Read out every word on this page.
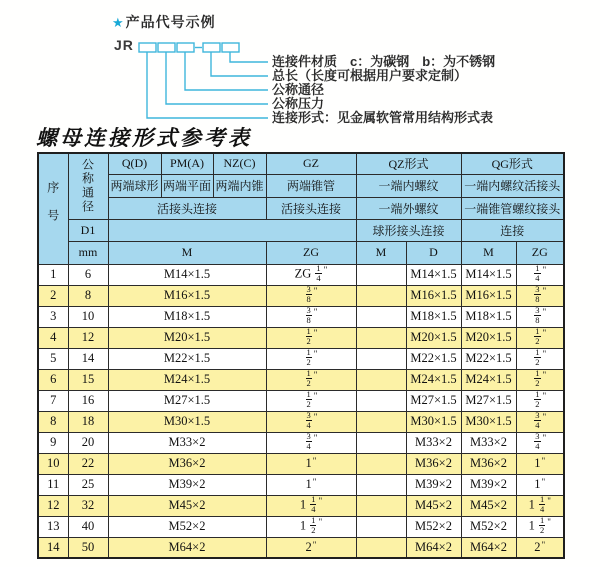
★产品代号示例
JR
连接件材质　c：为碳钢　b：为不锈钢
总长（长度可根据用户要求定制）
公称通径
公称压力
连接形式：见金属软管常用结构形式表
螺母连接形式参考表
序号	公称通径	Q(D)	PM(A)	NZ(C)	GZ	QZ形式		QG形式	
		两端球形	两端平面	两端内锥	两端锥管	一端内螺纹		一端内螺纹活接头	
		活接头连接			活接头连接	一端外螺纹		一端锥管螺纹接头	
	D1					球形接头连接		连接	
	mm	M			ZG	M	D	M	ZG
1	6	M14×1.5			ZG $\frac{1}{4} ^"$		M14×1.5	M14×1.5	$\frac{1}{4} ^"$
2	8	M16×1.5			$\frac{3}{8} ^"$		M16×1.5	M16×1.5	$\frac{3}{8} ^"$
3	10	M18×1.5			$\frac{3}{8} ^"$		M18×1.5	M18×1.5	$\frac{3}{8} ^"$
4	12	M20×1.5			$\frac{1}{2} ^"$		M20×1.5	M20×1.5	$\frac{1}{2} ^"$
5	14	M22×1.5			$\frac{1}{2} ^"$		M22×1.5	M22×1.5	$\frac{1}{2} ^"$
6	15	M24×1.5			$\frac{1}{2} ^"$		M24×1.5	M24×1.5	$\frac{1}{2} ^"$
7	16	M27×1.5			$\frac{1}{2} ^"$		M27×1.5	M27×1.5	$\frac{1}{2} ^"$
8	18	M30×1.5			$\frac{3}{4} ^"$		M30×1.5	M30×1.5	$\frac{3}{4} ^"$
9	20	M33×2			$\frac{3}{4} ^"$		M33×2	M33×2	$\frac{3}{4} ^"$
10	22	M36×2			1"		M36×2	M36×2	1"
11	25	M39×2			1"		M39×2	M39×2	1"
12	32	M45×2			$1 \frac{1}{4} ^"$		M45×2	M45×2	$1 \frac{1}{4} ^"$
13	40	M52×2			$1 \frac{1}{2} ^"$		M52×2	M52×2	$1 \frac{1}{2} ^"$
14	50	M64×2			2"		M64×2	M64×2	2"
